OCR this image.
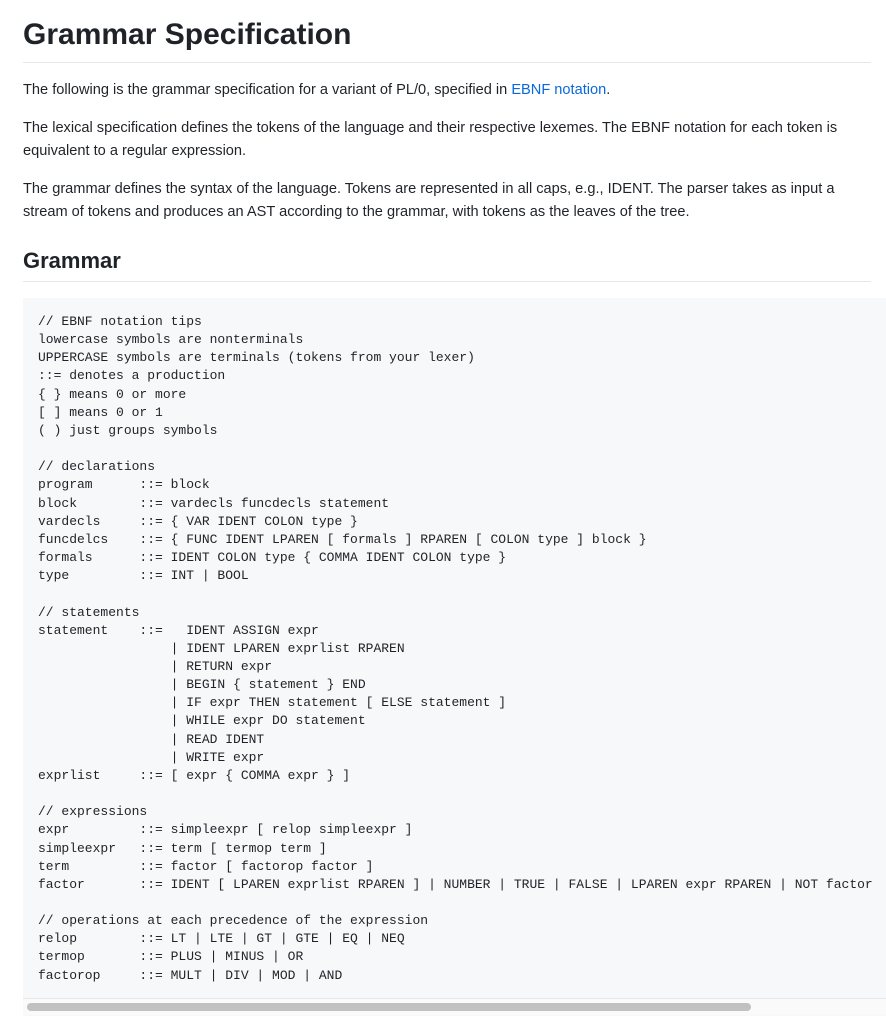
Grammar Specification

The following is the grammar specification for a variant of PL/0, specified in EBNF notation.

The lexical specification defines the tokens of the language and their respective lexemes. The EBNF notation for each token is equivalent to a regular expression.

The grammar defines the syntax of the language. Tokens are represented in all caps, e.g., IDENT. The parser takes as input a stream of tokens and produces an AST according to the grammar, with tokens as the leaves of the tree.

Grammar
// EBNF notation tips
lowercase symbols are nonterminals
UPPERCASE symbols are terminals (tokens from your lexer)
::= denotes a production
{ } means 0 or more
[ ] means 0 or 1
( ) just groups symbols

// declarations
program      ::= block
block        ::= vardecls funcdecls statement
vardecls     ::= { VAR IDENT COLON type }
funcdelcs    ::= { FUNC IDENT LPAREN [ formals ] RPAREN [ COLON type ] block }
formals      ::= IDENT COLON type { COMMA IDENT COLON type }
type         ::= INT | BOOL

// statements
statement    ::=   IDENT ASSIGN expr
| IDENT LPAREN exprlist RPAREN
| RETURN expr
| BEGIN { statement } END
| IF expr THEN statement [ ELSE statement ]
| WHILE expr DO statement
| READ IDENT
| WRITE expr
exprlist     ::= [ expr { COMMA expr } ]

// expressions
expr         ::= simpleexpr [ relop simpleexpr ]
simpleexpr   ::= term [ termop term ]
term         ::= factor [ factorop factor ]
factor       ::= IDENT [ LPAREN exprlist RPAREN ] | NUMBER | TRUE | FALSE | LPAREN expr RPAREN | NOT factor

// operations at each precedence of the expression
relop        ::= LT | LTE | GT | GTE | EQ | NEQ
termop       ::= PLUS | MINUS | OR
factorop     ::= MULT | DIV | MOD | AND
